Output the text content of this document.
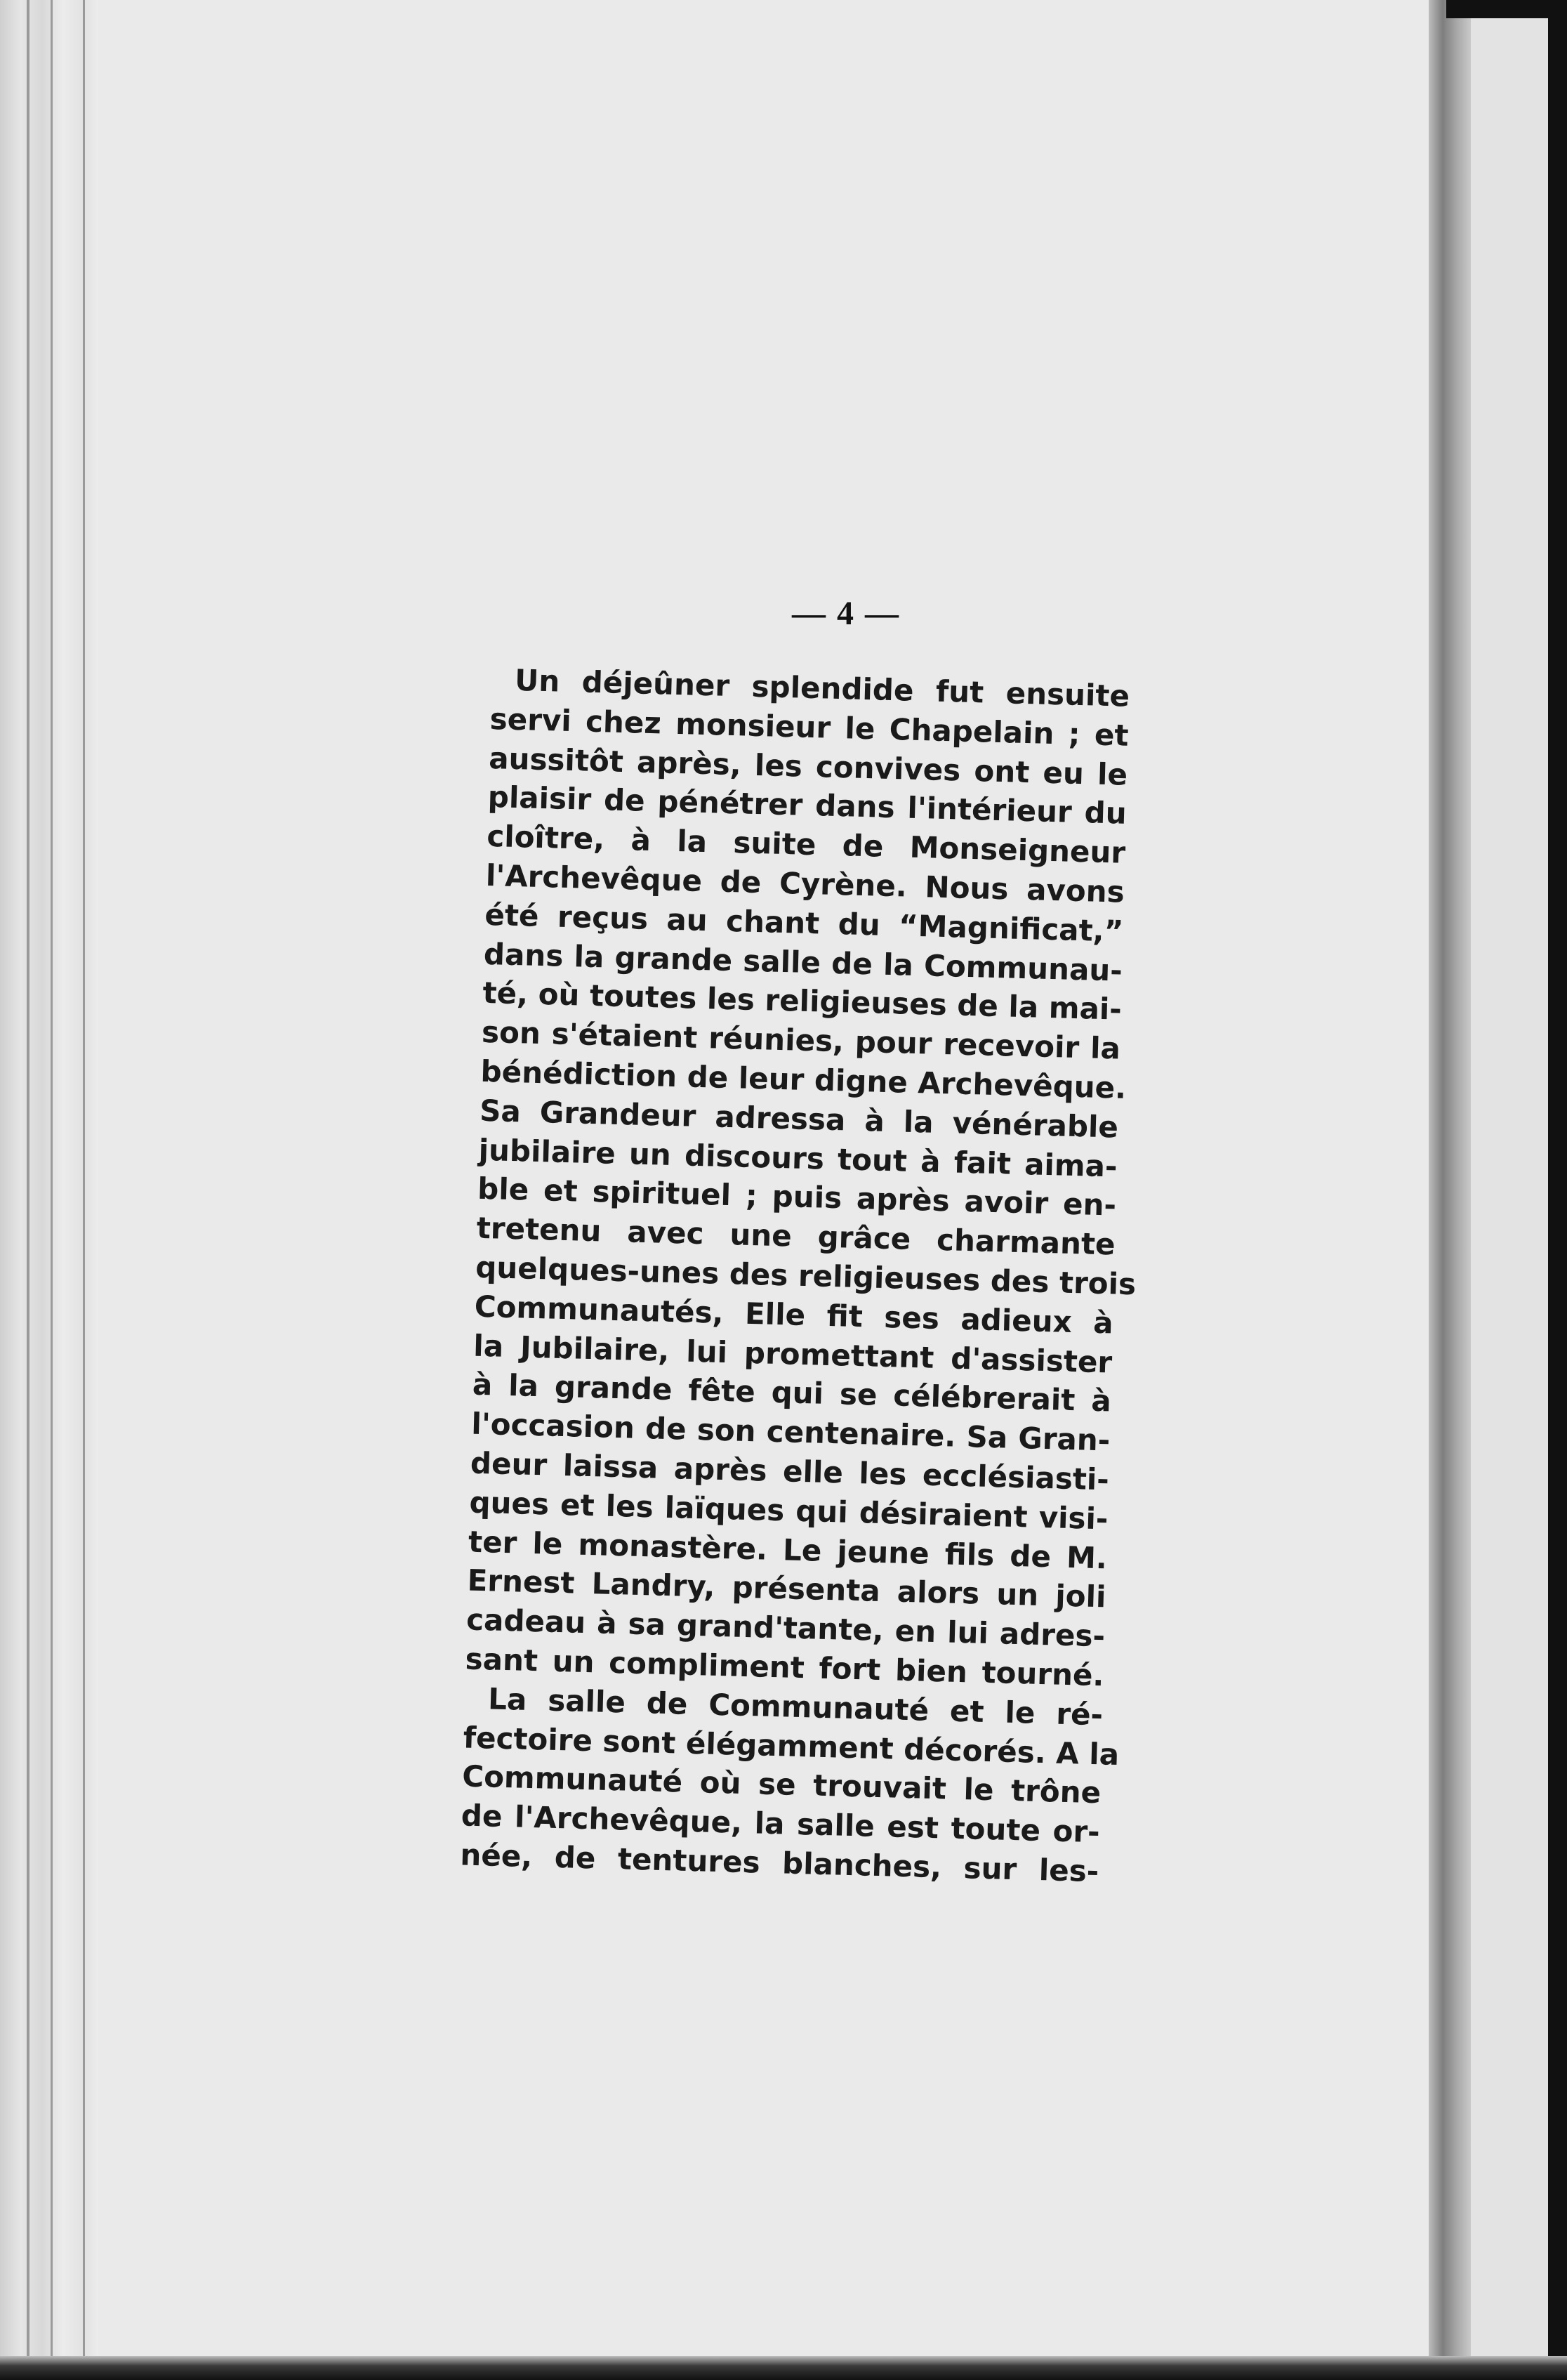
— 4 —
Un déjeûner splendide fut ensuite
servi chez monsieur le Chapelain ; et
aussitôt après, les convives ont eu le
plaisir de pénétrer dans l'intérieur du
cloître, à la suite de Monseigneur
l'Archevêque de Cyrène. Nous avons
été reçus au chant du “Magnificat,”
dans la grande salle de la Communau-
té, où toutes les religieuses de la mai-
son s'étaient réunies, pour recevoir la
bénédiction de leur digne Archevêque.
Sa Grandeur adressa à la vénérable
jubilaire un discours tout à fait aima-
ble et spirituel ; puis après avoir en-
tretenu avec une grâce charmante
quelques-unes des religieuses des trois
Communautés, Elle fit ses adieux à
la Jubilaire, lui promettant d'assister
à la grande fête qui se célébrerait à
l'occasion de son centenaire. Sa Gran-
deur laissa après elle les ecclésiasti-
ques et les laïques qui désiraient visi-
ter le monastère. Le jeune fils de M.
Ernest Landry, présenta alors un joli
cadeau à sa grand'tante, en lui adres-
sant un compliment fort bien tourné.
La salle de Communauté et le ré-
fectoire sont élégamment décorés. A la
Communauté où se trouvait le trône
de l'Archevêque, la salle est toute or-
née, de tentures blanches, sur les-
